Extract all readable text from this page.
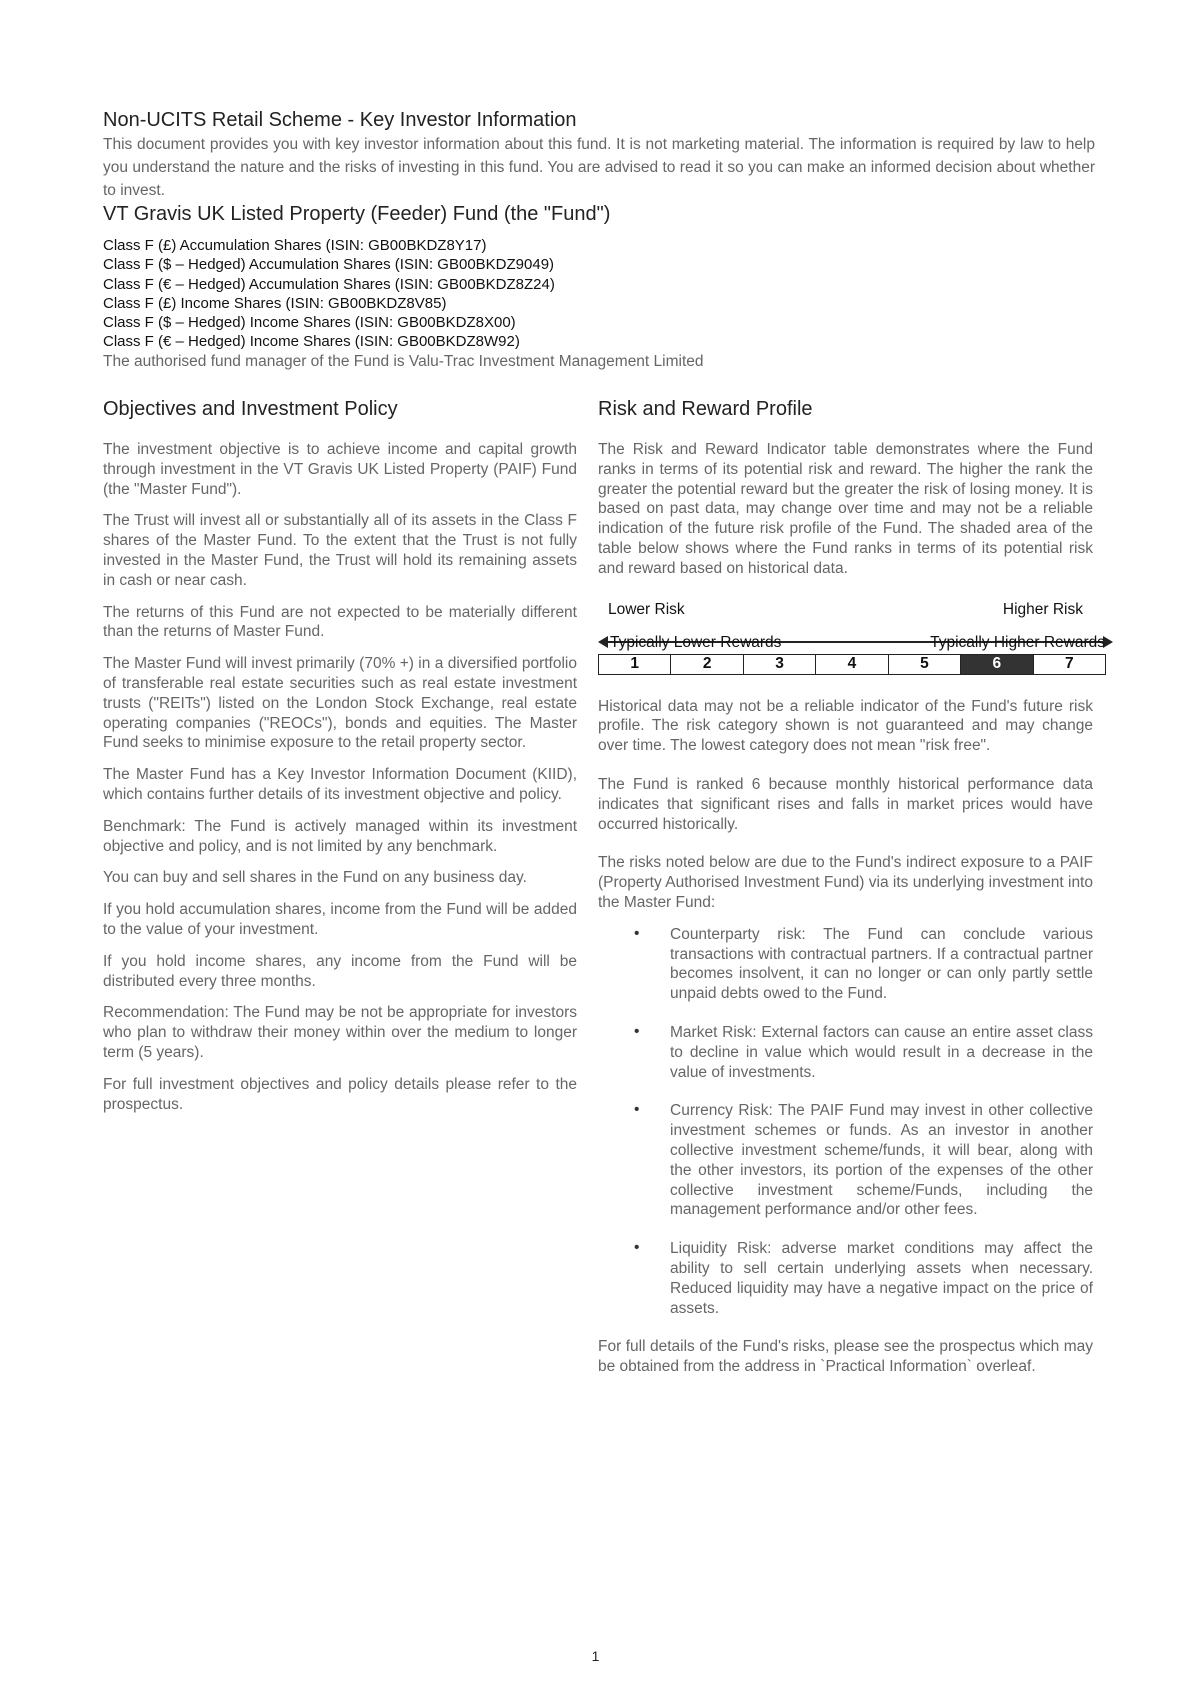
Non-UCITS Retail Scheme - Key Investor Information

This document provides you with key investor information about this fund. It is not marketing material. The information is required by law to help you understand the nature and the risks of investing in this fund. You are advised to read it so you can make an informed decision about whether to invest.

VT Gravis UK Listed Property (Feeder) Fund (the "Fund")
Class F (£) Accumulation Shares (ISIN: GB00BKDZ8Y17)
Class F ($ – Hedged) Accumulation Shares (ISIN: GB00BKDZ9049)
Class F (€ – Hedged) Accumulation Shares (ISIN: GB00BKDZ8Z24)
Class F (£) Income Shares (ISIN: GB00BKDZ8V85)
Class F ($ – Hedged) Income Shares (ISIN: GB00BKDZ8X00)
Class F (€ – Hedged) Income Shares (ISIN: GB00BKDZ8W92)

The authorised fund manager of the Fund is Valu-Trac Investment Management Limited

Objectives and Investment Policy

The investment objective is to achieve income and capital growth through investment in the VT Gravis UK Listed Property (PAIF) Fund (the "Master Fund").

The Trust will invest all or substantially all of its assets in the Class F shares of the Master Fund. To the extent that the Trust is not fully invested in the Master Fund, the Trust will hold its remaining assets in cash or near cash.

The returns of this Fund are not expected to be materially different than the returns of Master Fund.

The Master Fund will invest primarily (70% +) in a diversified portfolio of transferable real estate securities such as real estate investment trusts ("REITs") listed on the London Stock Exchange, real estate operating companies ("REOCs"), bonds and equities. The Master Fund seeks to minimise exposure to the retail property sector.

The Master Fund has a Key Investor Information Document (KIID), which contains further details of its investment objective and policy.

Benchmark: The Fund is actively managed within its investment objective and policy, and is not limited by any benchmark.

You can buy and sell shares in the Fund on any business day.

If you hold accumulation shares, income from the Fund will be added to the value of your investment.

If you hold income shares, any income from the Fund will be distributed every three months.

Recommendation: The Fund may be not be appropriate for investors who plan to withdraw their money within over the medium to longer term (5 years).

For full investment objectives and policy details please refer to the prospectus.

Risk and Reward Profile

The Risk and Reward Indicator table demonstrates where the Fund ranks in terms of its potential risk and reward. The higher the rank the greater the potential reward but the greater the risk of losing money. It is based on past data, may change over time and may not be a reliable indication of the future risk profile of the Fund. The shaded area of the table below shows where the Fund ranks in terms of its potential risk and reward based on historical data.

Lower Risk	Higher Risk
Typically Lower Rewards	Typically Higher Rewards
1	2	3	4	5	6	7

Historical data may not be a reliable indicator of the Fund's future risk profile. The risk category shown is not guaranteed and may change over time. The lowest category does not mean "risk free".

The Fund is ranked 6 because monthly historical performance data indicates that significant rises and falls in market prices would have occurred historically.

The risks noted below are due to the Fund's indirect exposure to a PAIF (Property Authorised Investment Fund) via its underlying investment into the Master Fund:

• Counterparty risk: The Fund can conclude various transactions with contractual partners. If a contractual partner becomes insolvent, it can no longer or can only partly settle unpaid debts owed to the Fund.

• Market Risk: External factors can cause an entire asset class to decline in value which would result in a decrease in the value of investments.

• Currency Risk: The PAIF Fund may invest in other collective investment schemes or funds. As an investor in another collective investment scheme/funds, it will bear, along with the other investors, its portion of the expenses of the other collective investment scheme/Funds, including the management performance and/or other fees.

• Liquidity Risk: adverse market conditions may affect the ability to sell certain underlying assets when necessary. Reduced liquidity may have a negative impact on the price of assets.

For full details of the Fund's risks, please see the prospectus which may be obtained from the address in `Practical Information` overleaf.

1
